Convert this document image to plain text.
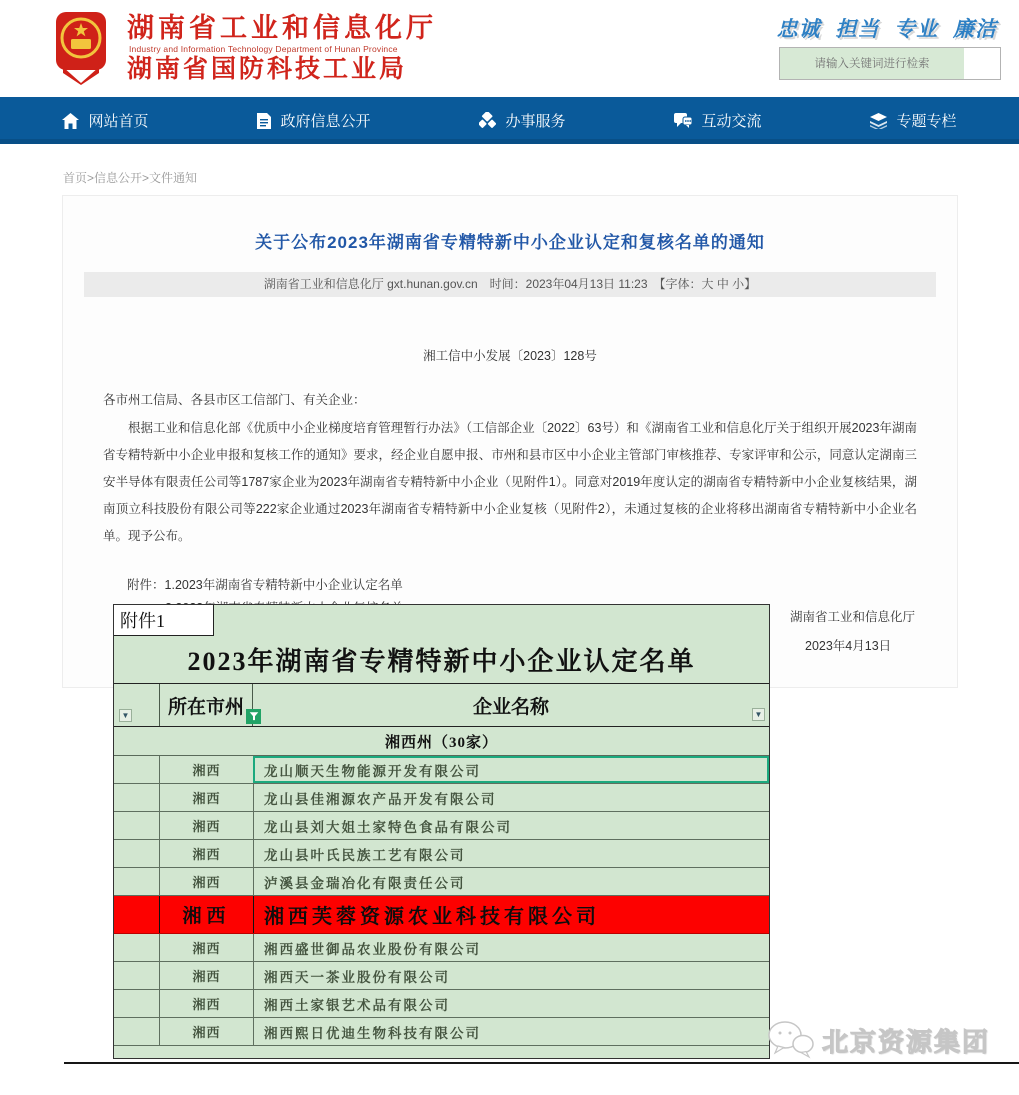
湖南省工业和信息化厅
Industry and Information Technology Department of Hunan Province
湖南省国防科技工业局
忠诚 担当 专业 廉洁
请输入关键词进行检索
网站首页	政府信息公开	办事服务	互动交流	专题专栏
首页>信息公开>文件通知
关于公布2023年湖南省专精特新中小企业认定和复核名单的通知
湖南省工业和信息化厅 gxt.hunan.gov.cn　时间：2023年04月13日 11:23　【字体：大 中 小】
湘工信中小发展〔2023〕128号
各市州工信局、各县市区工信部门、有关企业：
根据工业和信息化部《优质中小企业梯度培育管理暂行办法》（工信部企业〔2022〕63号）和《湖南省工业和信息化厅关于组织开展2023年湖南省专精特新中小企业申报和复核工作的通知》要求，经企业自愿申报、市州和县市区中小企业主管部门审核推荐、专家评审和公示，同意认定湖南三安半导体有限责任公司等1787家企业为2023年湖南省专精特新中小企业（见附件1）。同意对2019年度认定的湖南省专精特新中小企业复核结果，湖南顶立科技股份有限公司等222家企业通过2023年湖南省专精特新中小企业复核（见附件2），未通过复核的企业将移出湖南省专精特新中小企业名单。现予公布。
附件：1.2023年湖南省专精特新中小企业认定名单
湖南省工业和信息化厅
2023年4月13日
附件1
2023年湖南省专精特新中小企业认定名单
▼ 所在市州	企业名称	▼
湘西州（30家）
湘西	龙山顺天生物能源开发有限公司
湘西	龙山县佳湘源农产品开发有限公司
湘西	龙山县刘大姐土家特色食品有限公司
湘西	龙山县叶氏民族工艺有限公司
湘西	泸溪县金瑞冶化有限责任公司
湘西	湘西芙蓉资源农业科技有限公司
湘西	湘西盛世御品农业股份有限公司
湘西	湘西天一茶业股份有限公司
湘西	湘西土家银艺术品有限公司
湘西	湘西熙日优迪生物科技有限公司	北京资源集团
